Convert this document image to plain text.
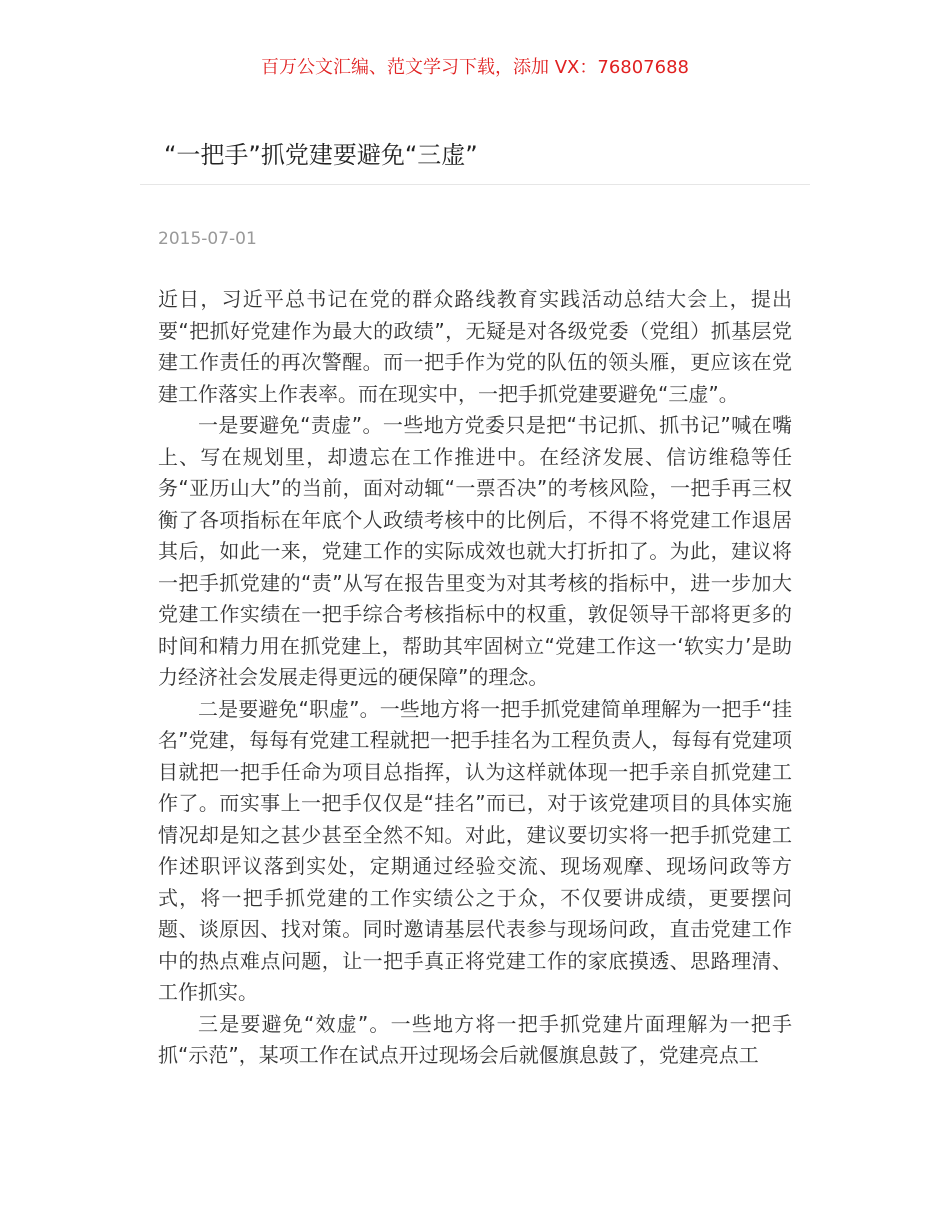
百万公文汇编、范文学习下载，添加 VX：76807688
“一把手”抓党建要避免“三虚”
2015-07-01

近日，习近平总书记在党的群众路线教育实践活动总结大会上，提出要“把抓好党建作为最大的政绩”，无疑是对各级党委（党组）抓基层党建工作责任的再次警醒。而一把手作为党的队伍的领头雁，更应该在党建工作落实上作表率。而在现实中，一把手抓党建要避免“三虚”。

一是要避免“责虚”。一些地方党委只是把“书记抓、抓书记”喊在嘴上、写在规划里，却遗忘在工作推进中。在经济发展、信访维稳等任务“亚历山大”的当前，面对动辄“一票否决”的考核风险，一把手再三权衡了各项指标在年底个人政绩考核中的比例后，不得不将党建工作退居其后，如此一来，党建工作的实际成效也就大打折扣了。为此，建议将一把手抓党建的“责”从写在报告里变为对其考核的指标中，进一步加大党建工作实绩在一把手综合考核指标中的权重，敦促领导干部将更多的时间和精力用在抓党建上，帮助其牢固树立“党建工作这一‘软实力’是助力经济社会发展走得更远的硬保障”的理念。

二是要避免“职虚”。一些地方将一把手抓党建简单理解为一把手“挂名”党建，每每有党建工程就把一把手挂名为工程负责人，每每有党建项目就把一把手任命为项目总指挥，认为这样就体现一把手亲自抓党建工作了。而实事上一把手仅仅是“挂名”而已，对于该党建项目的具体实施情况却是知之甚少甚至全然不知。对此，建议要切实将一把手抓党建工作述职评议落到实处，定期通过经验交流、现场观摩、现场问政等方式，将一把手抓党建的工作实绩公之于众，不仅要讲成绩，更要摆问题、谈原因、找对策。同时邀请基层代表参与现场问政，直击党建工作中的热点难点问题，让一把手真正将党建工作的家底摸透、思路理清、工作抓实。

三是要避免“效虚”。一些地方将一把手抓党建片面理解为一把手抓“示范”，某项工作在试点开过现场会后就偃旗息鼓了，党建亮点工
